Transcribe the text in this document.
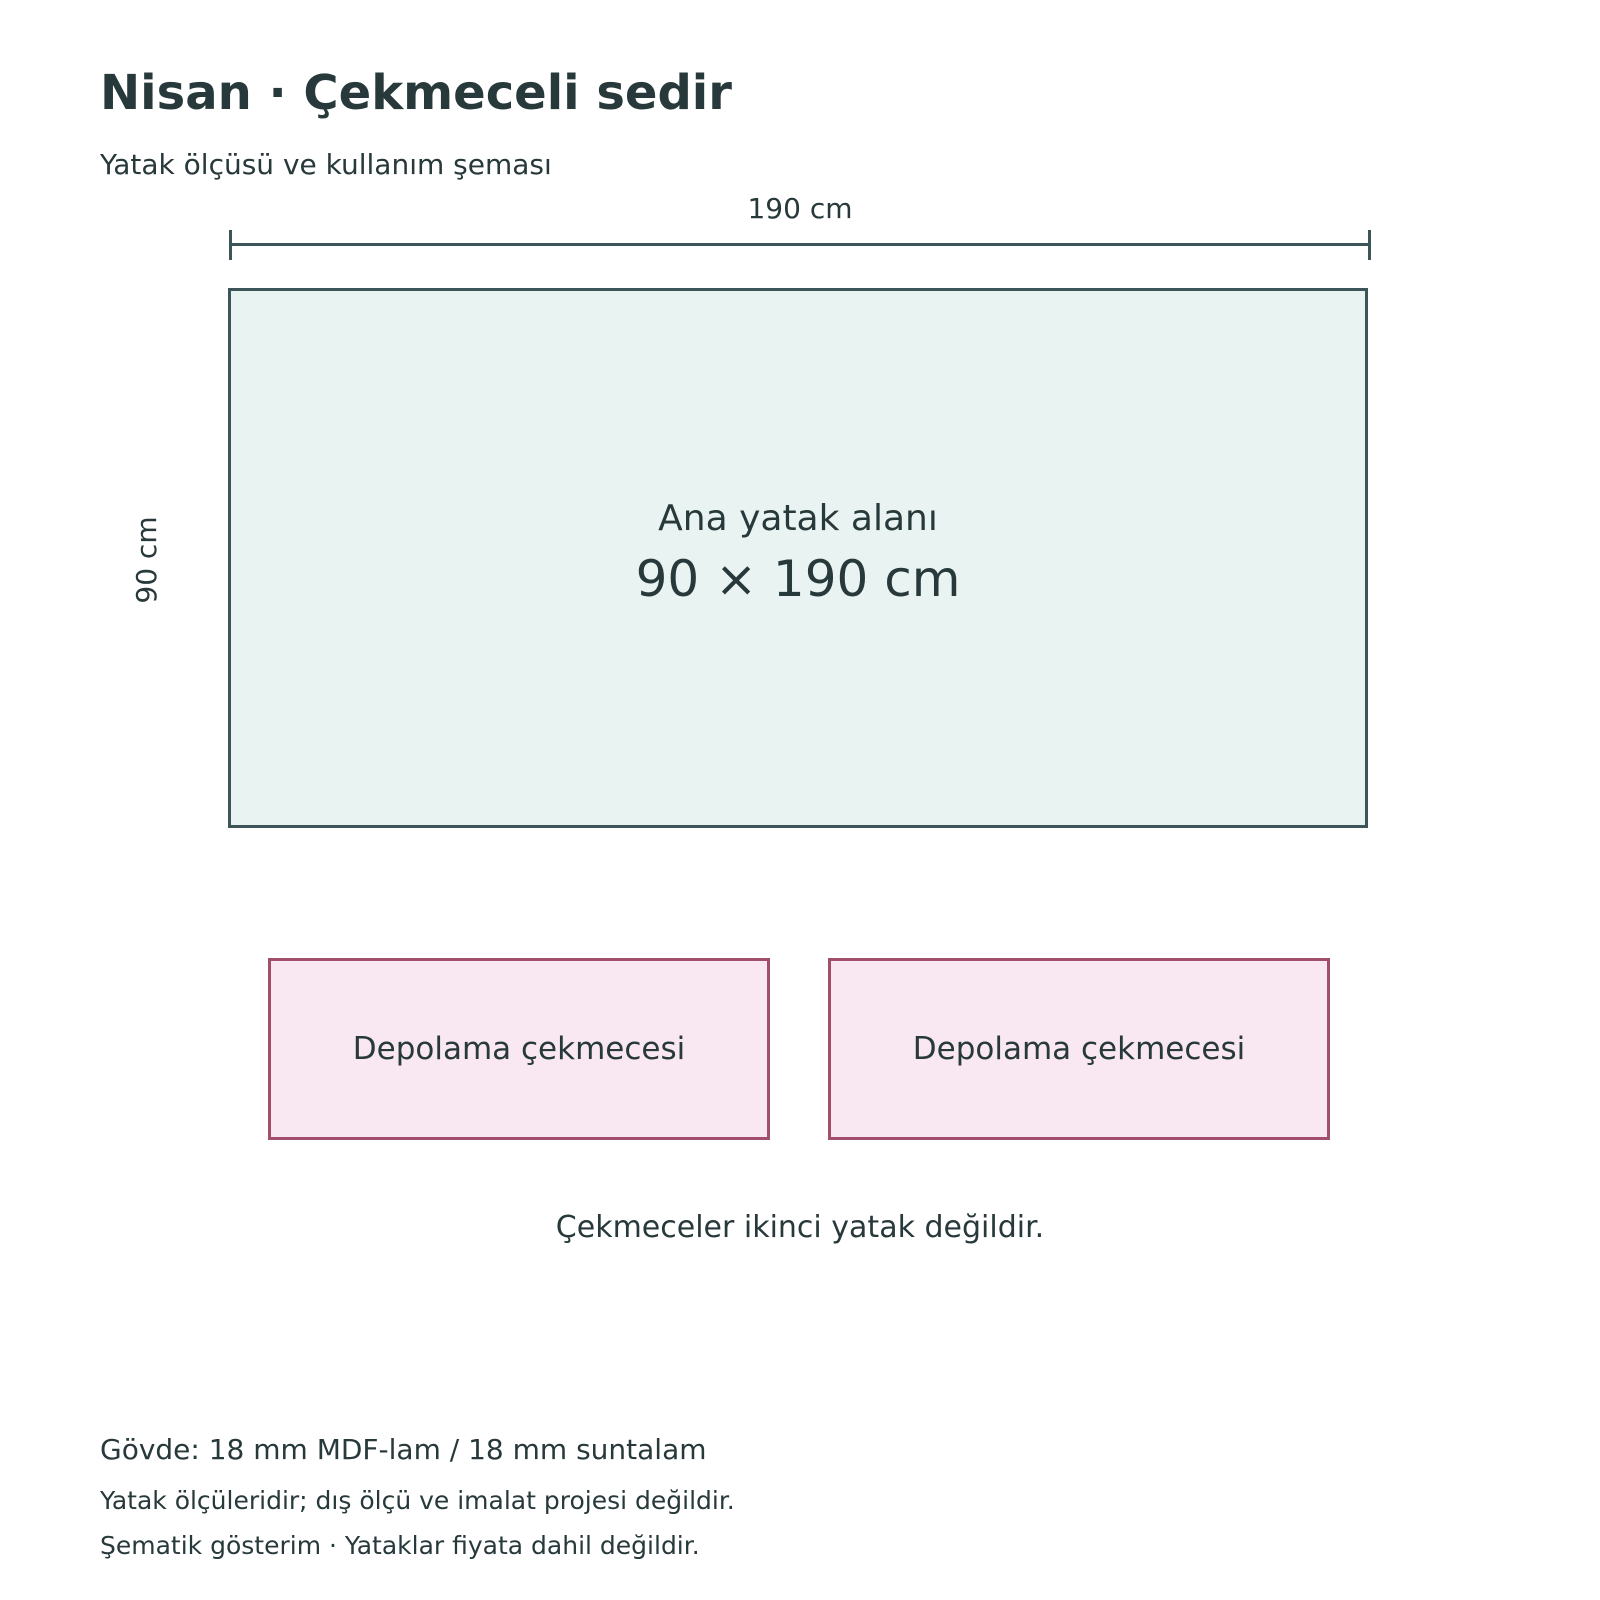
Nisan · Çekmeceli sedir
Yatak ölçüsü ve kullanım şeması
190 cm
90 cm	Ana yatak alanı
90 × 190 cm
Depolama çekmecesi	Depolama çekmecesi
Çekmeceler ikinci yatak değildir.
Gövde: 18 mm MDF-lam / 18 mm suntalam
Yatak ölçüleridir; dış ölçü ve imalat projesi değildir.
Şematik gösterim · Yataklar fiyata dahil değildir.
